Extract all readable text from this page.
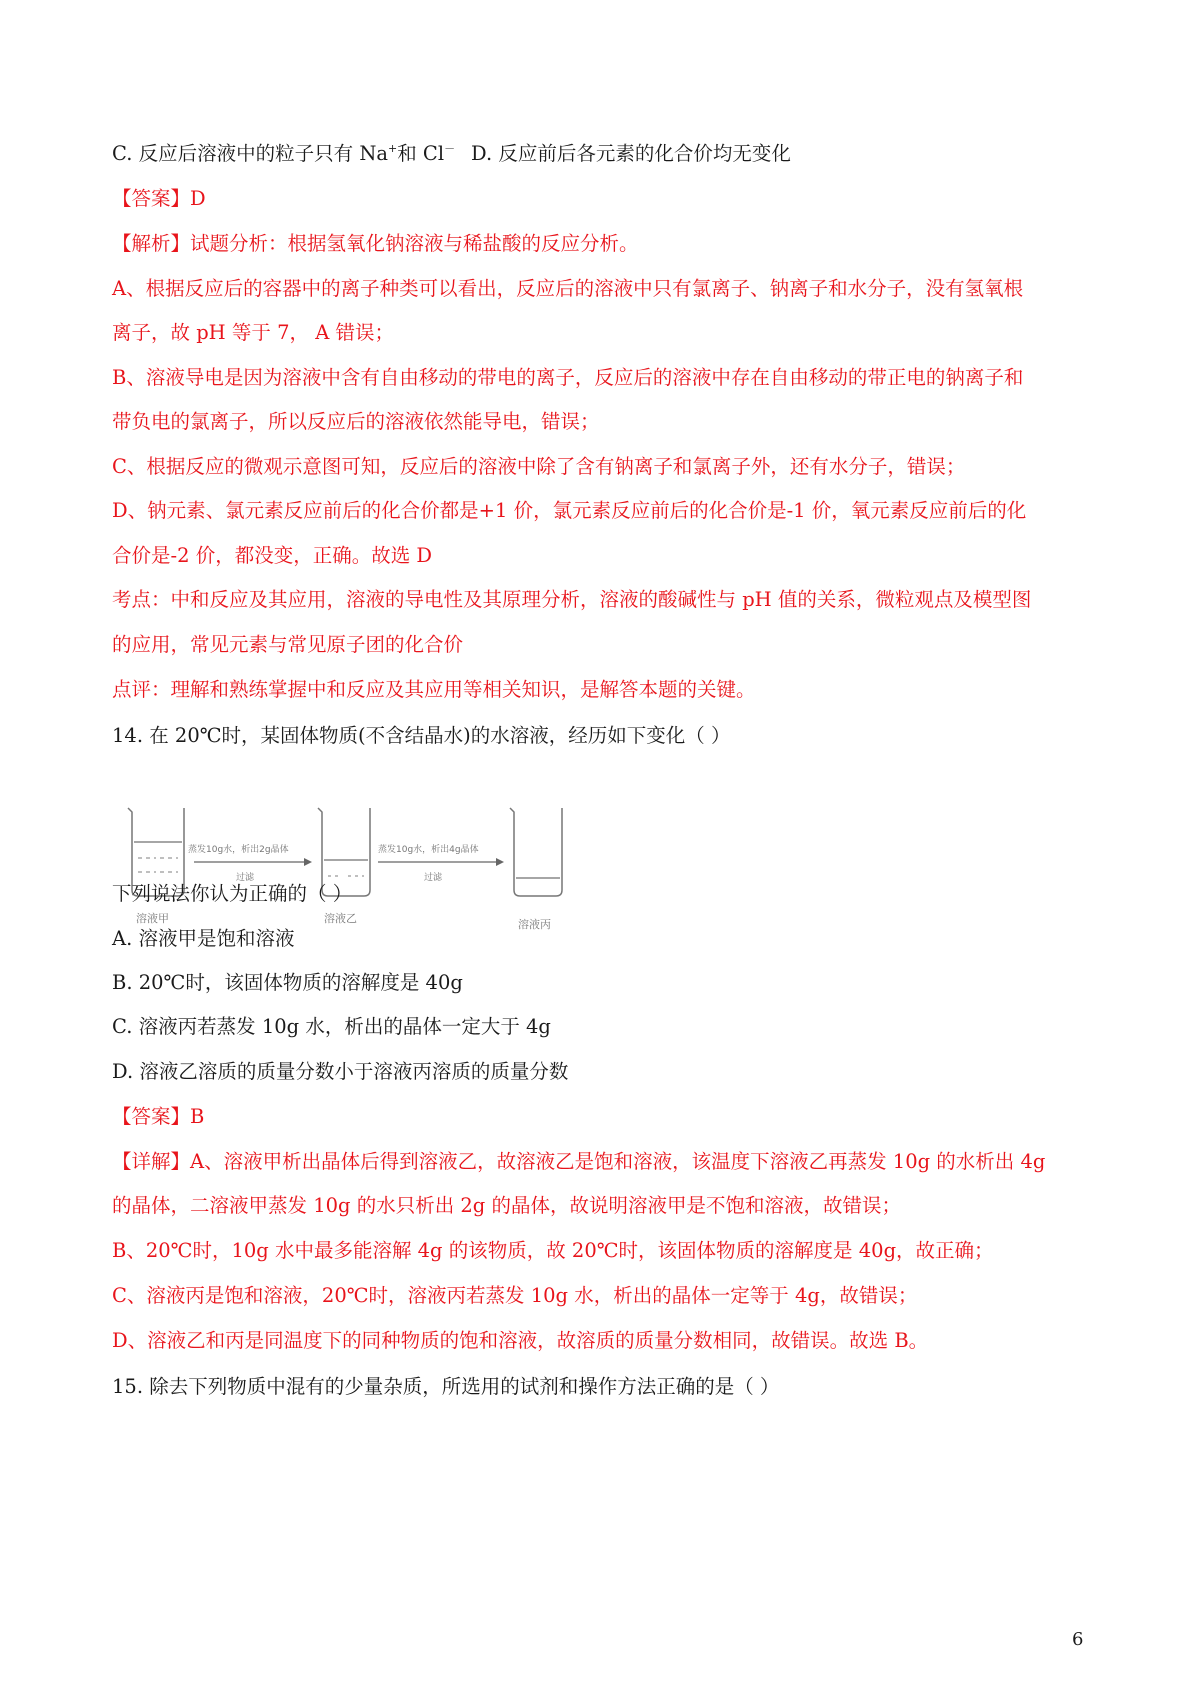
C. 反应后溶液中的粒子只有 Na+和 Cl－ D. 反应前后各元素的化合价均无变化
【答案】D
【解析】试题分析：根据氢氧化钠溶液与稀盐酸的反应分析。
A、根据反应后的容器中的离子种类可以看出，反应后的溶液中只有氯离子、钠离子和水分子，没有氢氧根
离子，故 pH 等于 7， A 错误；
B、溶液导电是因为溶液中含有自由移动的带电的离子，反应后的溶液中存在自由移动的带正电的钠离子和
带负电的氯离子，所以反应后的溶液依然能导电，错误；
C、根据反应的微观示意图可知，反应后的溶液中除了含有钠离子和氯离子外，还有水分子，错误；
D、钠元素、氯元素反应前后的化合价都是+1 价，氯元素反应前后的化合价是-1 价，氧元素反应前后的化
合价是-2 价，都没变，正确。故选 D
考点：中和反应及其应用，溶液的导电性及其原理分析，溶液的酸碱性与 pH 值的关系，微粒观点及模型图
的应用，常见元素与常见原子团的化合价
点评：理解和熟练掌握中和反应及其应用等相关知识，是解答本题的关键。
14. 在 20℃时，某固体物质(不含结晶水)的水溶液，经历如下变化（ ）
溶液甲	溶液乙	溶液丙
蒸发10g水，析出2g晶体
过滤
蒸发10g水，析出4g晶体
过滤
下列说法你认为正确的（ ）
A. 溶液甲是饱和溶液
B. 20℃时，该固体物质的溶解度是 40g
C. 溶液丙若蒸发 10g 水，析出的晶体一定大于 4g
D. 溶液乙溶质的质量分数小于溶液丙溶质的质量分数
【答案】B
【详解】A、溶液甲析出晶体后得到溶液乙，故溶液乙是饱和溶液，该温度下溶液乙再蒸发 10g 的水析出 4g
的晶体，二溶液甲蒸发 10g 的水只析出 2g 的晶体，故说明溶液甲是不饱和溶液，故错误；
B、20℃时，10g 水中最多能溶解 4g 的该物质，故 20℃时，该固体物质的溶解度是 40g，故正确；
C、溶液丙是饱和溶液，20℃时，溶液丙若蒸发 10g 水，析出的晶体一定等于 4g，故错误；
D、溶液乙和丙是同温度下的同种物质的饱和溶液，故溶质的质量分数相同，故错误。故选 B。
15. 除去下列物质中混有的少量杂质，所选用的试剂和操作方法正确的是（ ）
6
